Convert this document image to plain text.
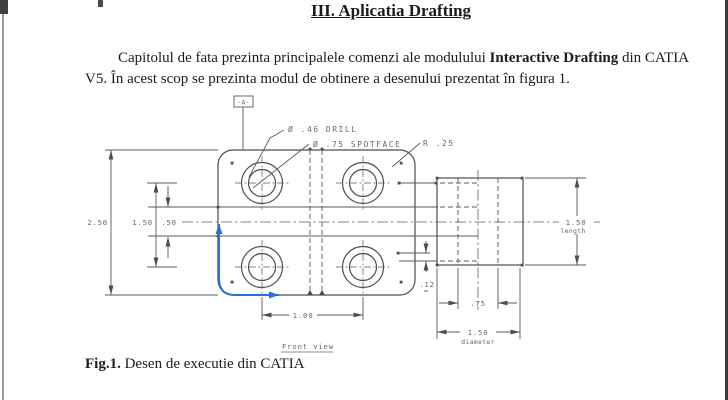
III. Aplicatia Drafting

Capitolul de fata prezinta principalele comenzi ale modulului Interactive Drafting din CATIA V5. În acest scop se prezinta modul de obtinere a desenului prezentat în figura 1.

-A-
Ø .46 DRILL
Ø .75 SPOTFACE	R .25
2.50	1.50 .50
1.00
.12
.75
1.50
diameter
1.50
length
Front view

Fig.1. Desen de executie din CATIA
